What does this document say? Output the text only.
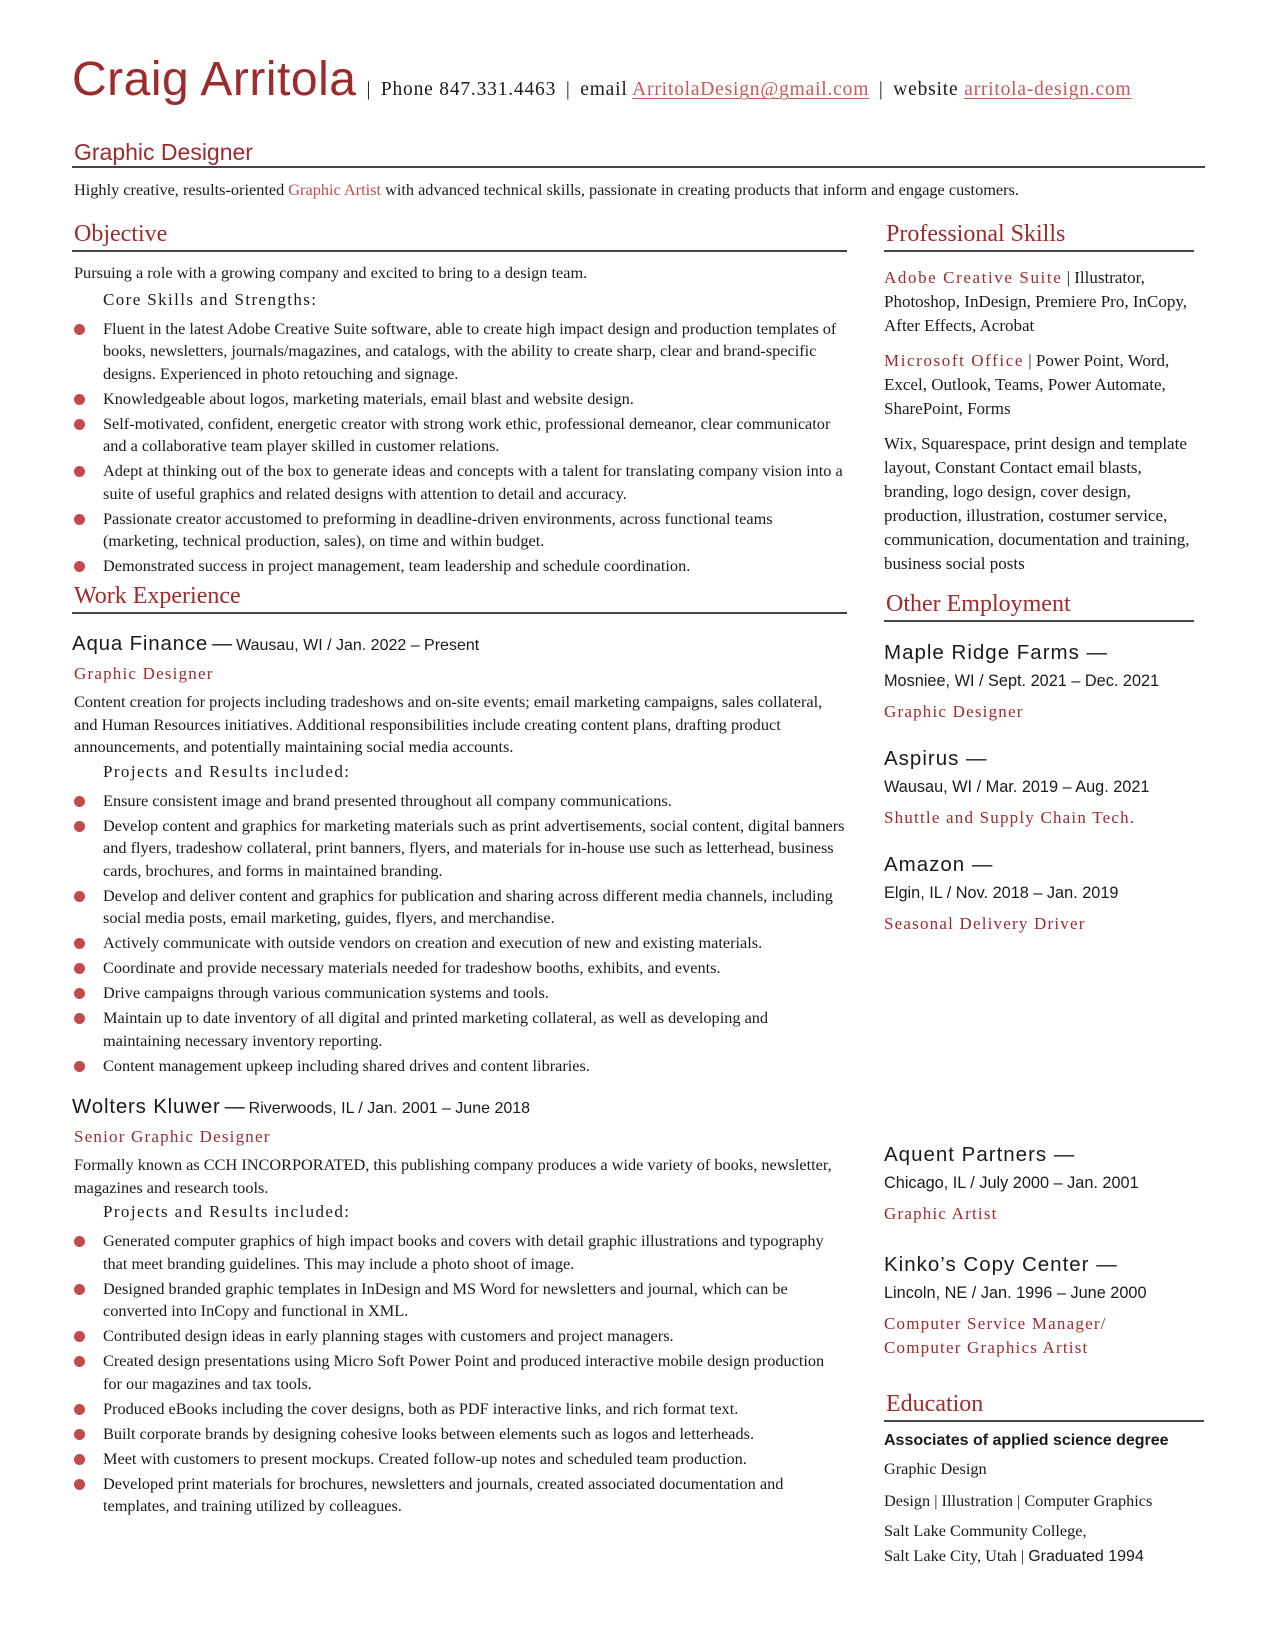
Craig Arritola | Phone 847.331.4463 | email ArritolaDesign@gmail.com | website arritola-design.com
Graphic Designer
Highly creative, results-oriented Graphic Artist with advanced technical skills, passionate in creating products that inform and engage customers.
Objective

Pursuing a role with a growing company and excited to bring to a design team.

Core Skills and Strengths:
Fluent in the latest Adobe Creative Suite software, able to create high impact design and production templates of books, newsletters, journals/magazines, and catalogs, with the ability to create sharp, clear and brand-specific designs. Experienced in photo retouching and signage.
Knowledgeable about logos, marketing materials, email blast and website design.
Self-motivated, confident, energetic creator with strong work ethic, professional demeanor, clear communicator and a collaborative team player skilled in customer relations.
Adept at thinking out of the box to generate ideas and concepts with a talent for translating company vision into a suite of useful graphics and related designs with attention to detail and accuracy.
Passionate creator accustomed to preforming in deadline-driven environments, across functional teams (marketing, technical production, sales), on time and within budget.
Demonstrated success in project management, team leadership and schedule coordination.
Work Experience
Aqua Finance — Wausau, WI / Jan. 2022 – Present
Graphic Designer

Content creation for projects including tradeshows and on-site events; email marketing campaigns, sales collateral, and Human Resources initiatives. Additional responsibilities include creating content plans, drafting product announcements, and potentially maintaining social media accounts.

Projects and Results included:
Ensure consistent image and brand presented throughout all company communications.
Develop content and graphics for marketing materials such as print advertisements, social content, digital banners and flyers, tradeshow collateral, print banners, flyers, and materials for in-house use such as letterhead, business cards, brochures, and forms in maintained branding.
Develop and deliver content and graphics for publication and sharing across different media channels, including social media posts, email marketing, guides, flyers, and merchandise.
Actively communicate with outside vendors on creation and execution of new and existing materials.
Coordinate and provide necessary materials needed for tradeshow booths, exhibits, and events.
Drive campaigns through various communication systems and tools.
Maintain up to date inventory of all digital and printed marketing collateral, as well as developing and maintaining necessary inventory reporting.
Content management upkeep including shared drives and content libraries.
Wolters Kluwer — Riverwoods, IL / Jan. 2001 – June 2018
Senior Graphic Designer

Formally known as CCH INCORPORATED, this publishing company produces a wide variety of books, newsletter, magazines and research tools.

Projects and Results included:
Generated computer graphics of high impact books and covers with detail graphic illustrations and typography that meet branding guidelines. This may include a photo shoot of image.
Designed branded graphic templates in InDesign and MS Word for newsletters and journal, which can be converted into InCopy and functional in XML.
Contributed design ideas in early planning stages with customers and project managers.
Created design presentations using Micro Soft Power Point and produced interactive mobile design production for our magazines and tax tools.
Produced eBooks including the cover designs, both as PDF interactive links, and rich format text.
Built corporate brands by designing cohesive looks between elements such as logos and letterheads.
Meet with customers to present mockups. Created follow-up notes and scheduled team production.
Developed print materials for brochures, newsletters and journals, created associated documentation and templates, and training utilized by colleagues.
Professional Skills

Adobe Creative Suite | Illustrator, Photoshop, InDesign, Premiere Pro, InCopy, After Effects, Acrobat

Microsoft Office | Power Point, Word, Excel, Outlook, Teams, Power Automate, SharePoint, Forms

Wix, Squarespace, print design and template layout, Constant Contact email blasts, branding, logo design, cover design, production, illustration, costumer service, communication, documentation and training, business social posts

Other Employment
Maple Ridge Farms —
Mosniee, WI / Sept. 2021 – Dec. 2021
Graphic Designer
Aspirus —
Wausau, WI / Mar. 2019 – Aug. 2021
Shuttle and Supply Chain Tech.
Amazon —
Elgin, IL / Nov. 2018 – Jan. 2019
Seasonal Delivery Driver
Aquent Partners —
Chicago, IL / July 2000 – Jan. 2001
Graphic Artist
Kinko’s Copy Center —
Lincoln, NE / Jan. 1996 – June 2000
Computer Service Manager/ Computer Graphics Artist
Education
Associates of applied science degree
Graphic Design
Design | Illustration | Computer Graphics
Salt Lake Community College,
Salt Lake City, Utah | Graduated 1994
